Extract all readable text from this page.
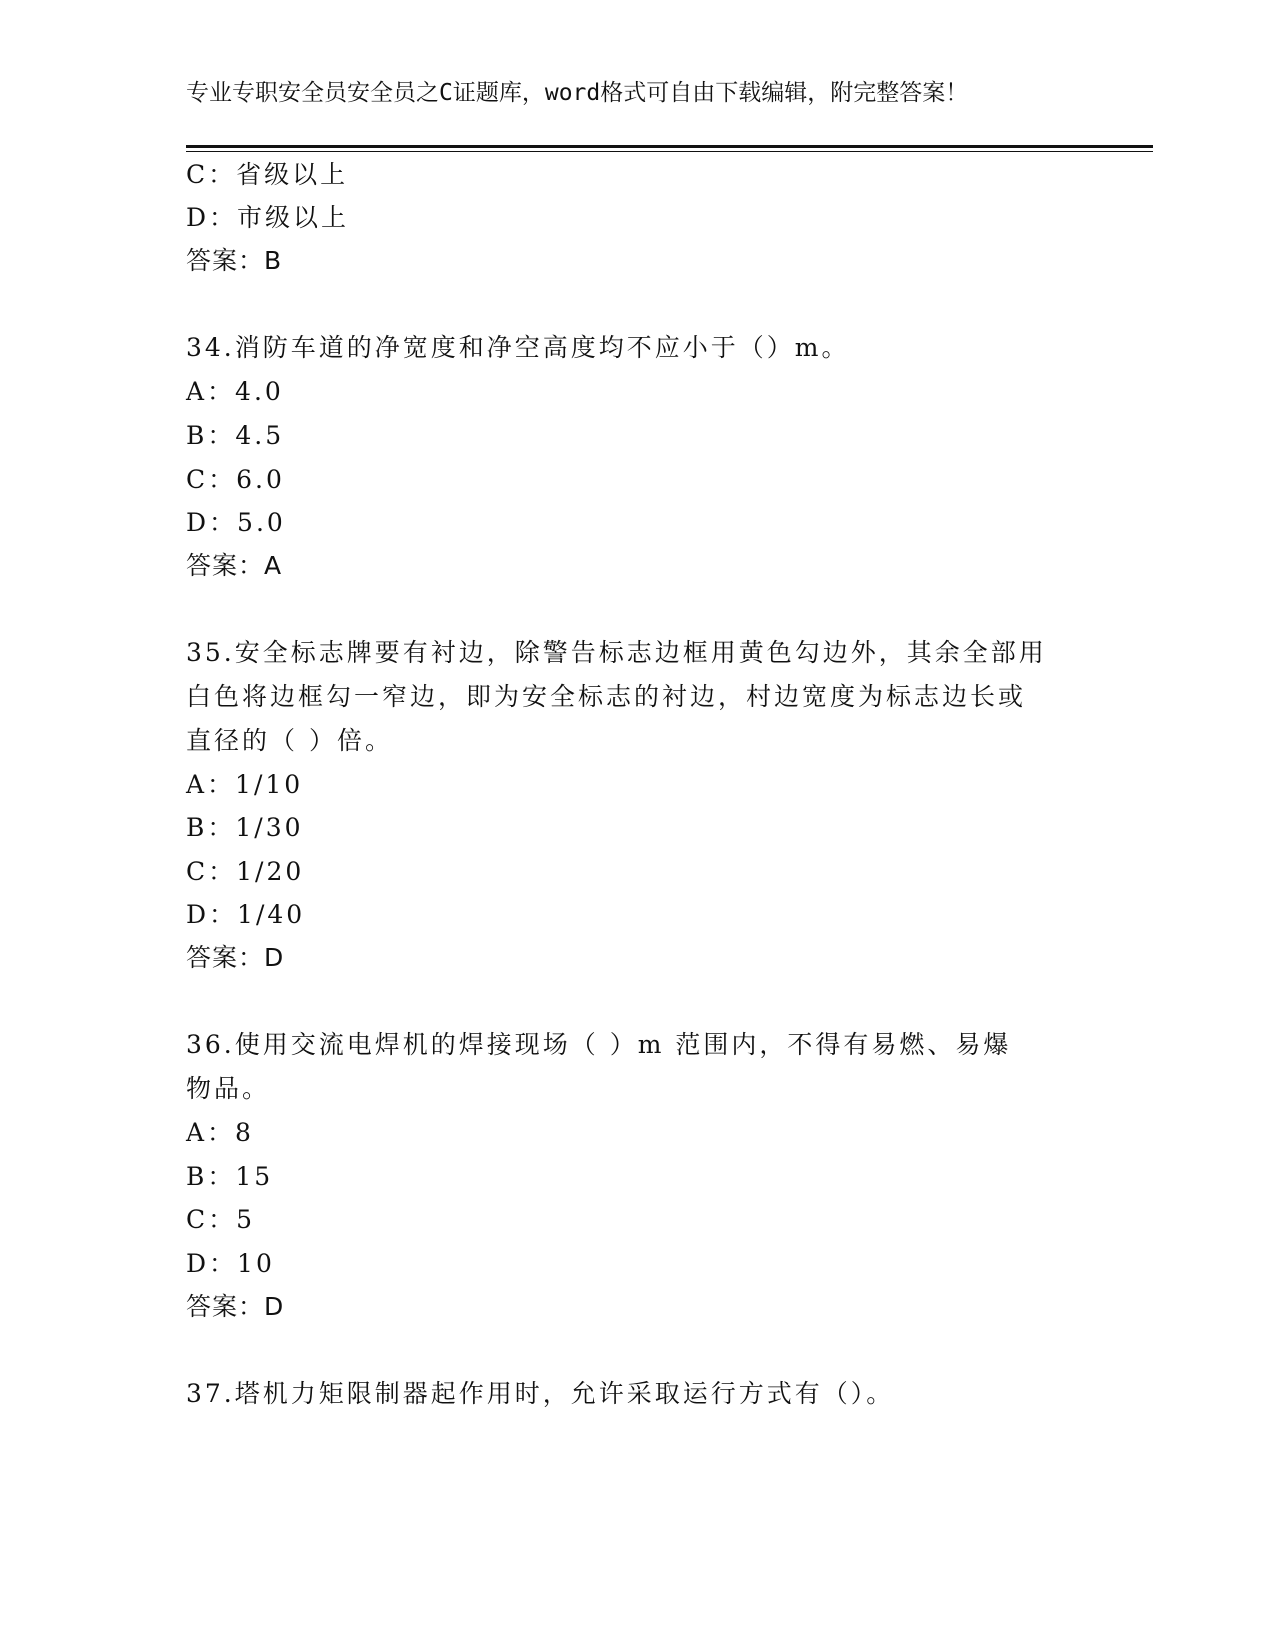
专业专职安全员安全员之C证题库，word格式可自由下载编辑，附完整答案！
C：省级以上
D：市级以上
答案：B
34.消防车道的净宽度和净空高度均不应小于（）m。
A：4.0
B：4.5
C：6.0
D：5.0
答案：A
35.安全标志牌要有衬边，除警告标志边框用黄色勾边外，其余全部用
白色将边框勾一窄边，即为安全标志的衬边，村边宽度为标志边长或
直径的（ ）倍。
A：1/10
B：1/30
C：1/20
D：1/40
答案：D
36.使用交流电焊机的焊接现场（ ）m 范围内，不得有易燃、易爆
物品。
A：8
B：15
C：5
D：10
答案：D
37.塔机力矩限制器起作用时，允许采取运行方式有（）。
